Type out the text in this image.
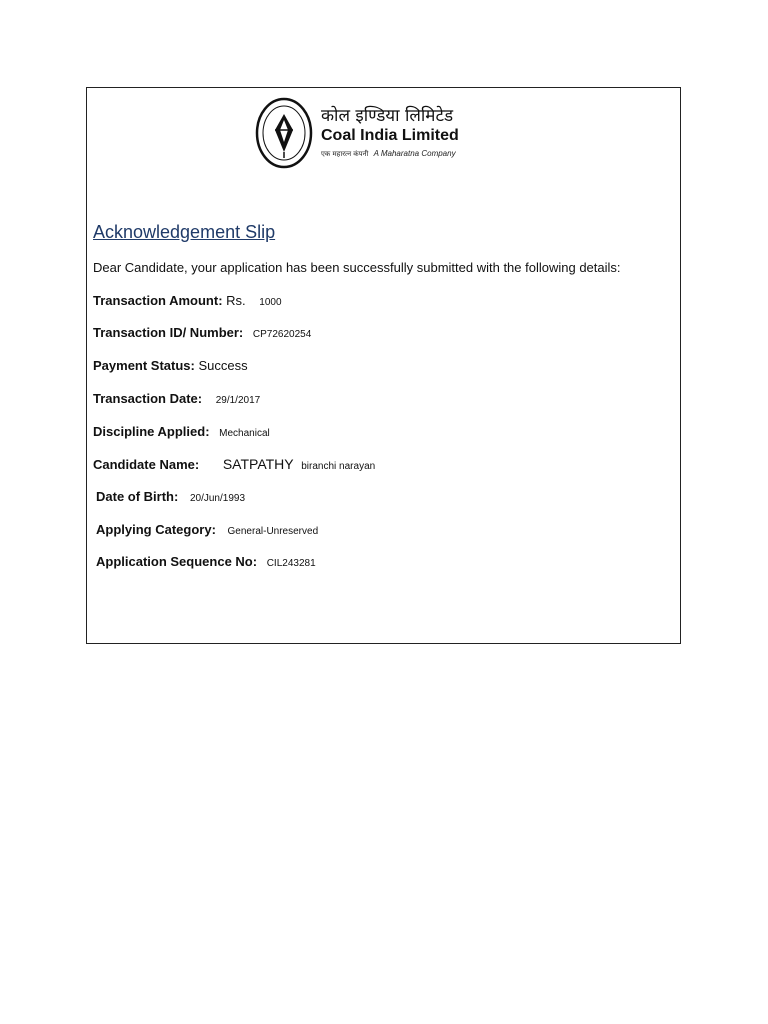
कोल इण्डिया लिमिटेड
Coal India Limited
एक महारत्न कंपनी A Maharatna Company
Acknowledgement Slip
Dear Candidate, your application has been successfully submitted with the following details:
Transaction Amount: Rs. 1000
Transaction ID/ Number: CP72620254
Payment Status: Success
Transaction Date: 29/1/2017
Discipline Applied: Mechanical
Candidate Name: SATPATHY biranchi narayan
Date of Birth: 20/Jun/1993
Applying Category: General-Unreserved
Application Sequence No: CIL243281
